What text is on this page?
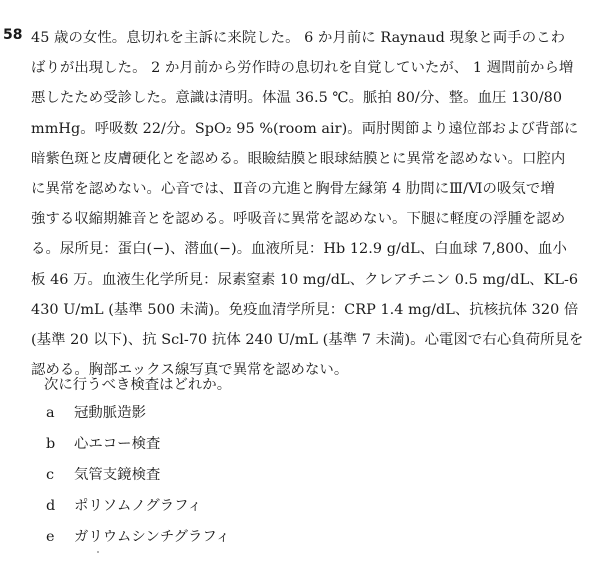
58 45 歳の女性。息切れを主訴に来院した。 6 か月前に Raynaud 現象と両手のこわ
ばりが出現した。 2 か月前から労作時の息切れを自覚していたが、 1 週間前から増
悪したため受診した。意識は清明。体温 36.5 ℃。脈拍 80/分、整。血圧 130/80
mmHg。呼吸数 22/分。SpO₂ 95 %(room air)。両肘関節より遠位部および背部に
暗紫色斑と皮膚硬化とを認める。眼瞼結膜と眼球結膜とに異常を認めない。口腔内
に異常を認めない。心音では、Ⅱ音の亢進と胸骨左縁第 4 肋間にⅢ/Ⅵの吸気で増
強する収縮期雑音とを認める。呼吸音に異常を認めない。下腿に軽度の浮腫を認め
る。尿所見：蛋白(−)、潜血(−)。血液所見：Hb 12.9 g/dL、白血球 7,800、血小
板 46 万。血液生化学所見：尿素窒素 10 mg/dL、クレアチニン 0.5 mg/dL、KL-6
430 U/mL (基準 500 未満)。免疫血清学所見：CRP 1.4 mg/dL、抗核抗体 320 倍
(基準 20 以下)、抗 Scl-70 抗体 240 U/mL (基準 7 未満)。心電図で右心負荷所見を
認める。胸部エックス線写真で異常を認めない。
次に行うべき検査はどれか。
a 冠動脈造影
b 心エコー検査
c 気管支鏡検査
d ポリソムノグラフィ
e ガリウムシンチグラフィ
